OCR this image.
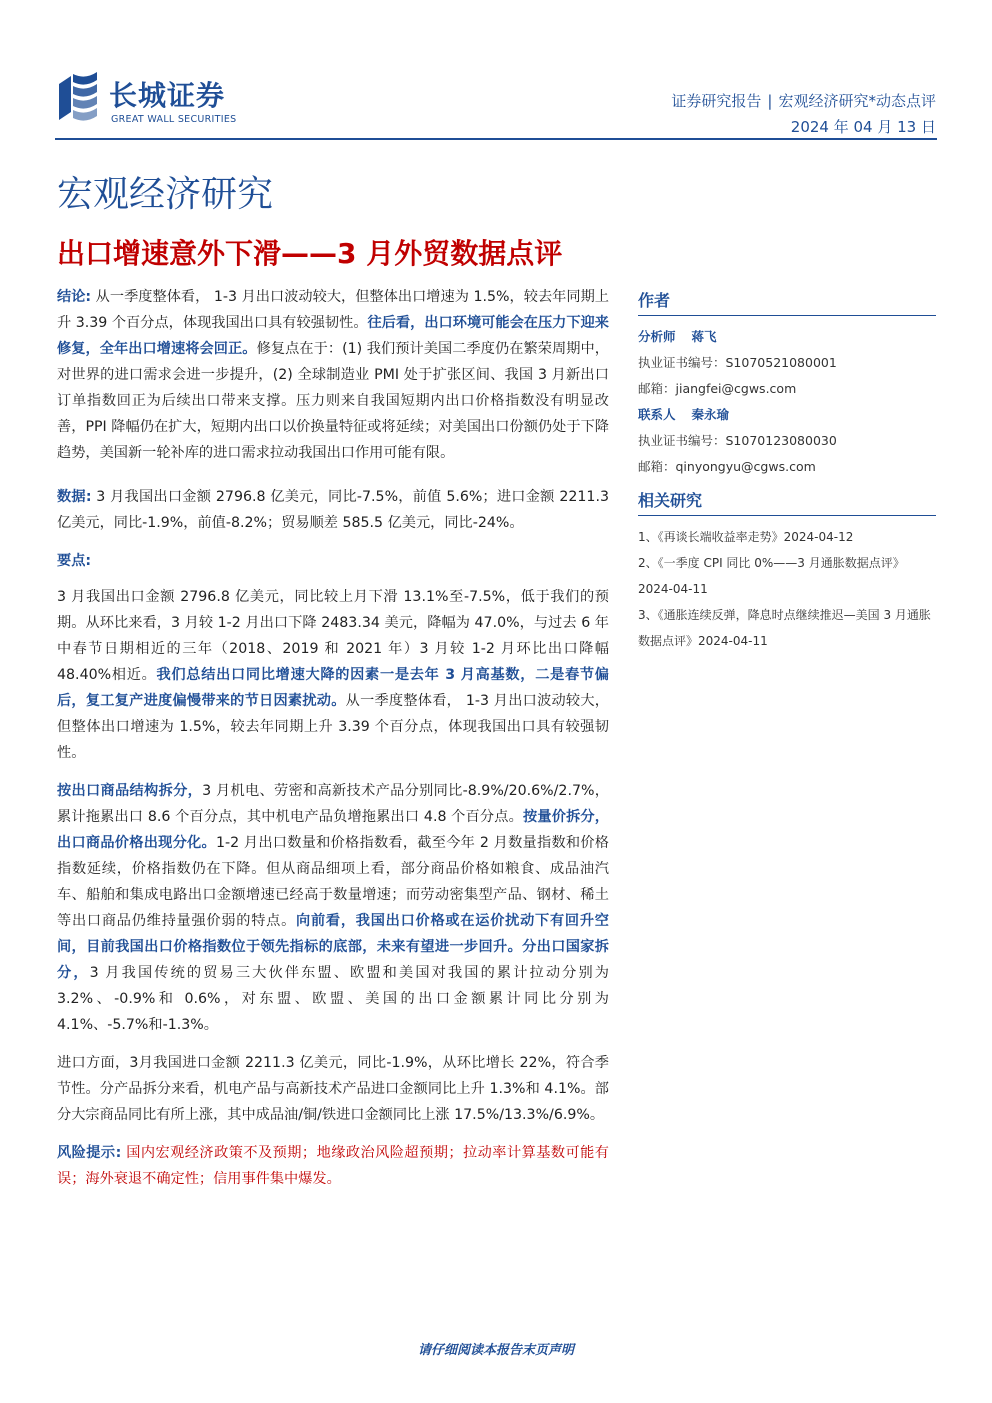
长城证券
GREAT WALL SECURITIES
证券研究报告 | 宏观经济研究*动态点评
2024 年 04 月 13 日
宏观经济研究
出口增速意外下滑——3 月外贸数据点评

结论: 从一季度整体看， 1-3 月出口波动较大，但整体出口增速为 1.5%，较去年同期上升 3.39 个百分点，体现我国出口具有较强韧性。往后看，出口环境可能会在压力下迎来修复，全年出口增速将会回正。修复点在于：(1) 我们预计美国二季度仍在繁荣周期中，对世界的进口需求会进一步提升，(2) 全球制造业 PMI 处于扩张区间、我国 3 月新出口订单指数回正为后续出口带来支撑。压力则来自我国短期内出口价格指数没有明显改善，PPI 降幅仍在扩大，短期内出口以价换量特征或将延续；对美国出口份额仍处于下降趋势，美国新一轮补库的进口需求拉动我国出口作用可能有限。

数据: 3 月我国出口金额 2796.8 亿美元，同比-7.5%，前值 5.6%；进口金额 2211.3 亿美元，同比-1.9%，前值-8.2%；贸易顺差 585.5 亿美元，同比-24%。

要点:

3 月我国出口金额 2796.8 亿美元，同比较上月下滑 13.1%至-7.5%，低于我们的预期。从环比来看，3 月较 1-2 月出口下降 2483.34 美元，降幅为 47.0%，与过去 6 年中春节日期相近的三年（2018、2019 和 2021 年）3 月较 1-2 月环比出口降幅 48.40%相近。我们总结出口同比增速大降的因素一是去年 3 月高基数，二是春节偏后，复工复产进度偏慢带来的节日因素扰动。从一季度整体看， 1-3 月出口波动较大，但整体出口增速为 1.5%，较去年同期上升 3.39 个百分点，体现我国出口具有较强韧性。

按出口商品结构拆分，3 月机电、劳密和高新技术产品分别同比-8.9%/20.6%/2.7%，累计拖累出口 8.6 个百分点，其中机电产品负增拖累出口 4.8 个百分点。按量价拆分，出口商品价格出现分化。1-2 月出口数量和价格指数看，截至今年 2 月数量指数和价格指数延续，价格指数仍在下降。但从商品细项上看，部分商品价格如粮食、成品油汽车、船舶和集成电路出口金额增速已经高于数量增速；而劳动密集型产品、钢材、稀土等出口商品仍维持量强价弱的特点。向前看，我国出口价格或在运价扰动下有回升空间，目前我国出口价格指数位于领先指标的底部，未来有望进一步回升。分出口国家拆分，3 月我国传统的贸易三大伙伴东盟、欧盟和美国对我国的累计拉动分别为 3.2%、-0.9%和 0.6%，对东盟、欧盟、美国的出口金额累计同比分别为 4.1%、-5.7%和-1.3%。

进口方面，3月我国进口金额 2211.3 亿美元，同比-1.9%，从环比增长 22%，符合季节性。分产品拆分来看，机电产品与高新技术产品进口金额同比上升 1.3%和 4.1%。部分大宗商品同比有所上涨，其中成品油/铜/铁进口金额同比上涨 17.5%/13.3%/6.9%。

风险提示: 国内宏观经济政策不及预期；地缘政治风险超预期；拉动率计算基数可能有误；海外衰退不确定性；信用事件集中爆发。

作者
分析师 蒋飞
执业证书编号：S1070521080001
邮箱：jiangfei@cgws.com
联系人 秦永瑜
执业证书编号：S1070123080030
邮箱：qinyongyu@cgws.com
相关研究
1、《再谈长端收益率走势》2024-04-12
2、《一季度 CPI 同比 0%——3 月通胀数据点评》 2024-04-11
3、《通胀连续反弹，降息时点继续推迟—美国 3 月通胀数据点评》2024-04-11
请仔细阅读本报告末页声明
